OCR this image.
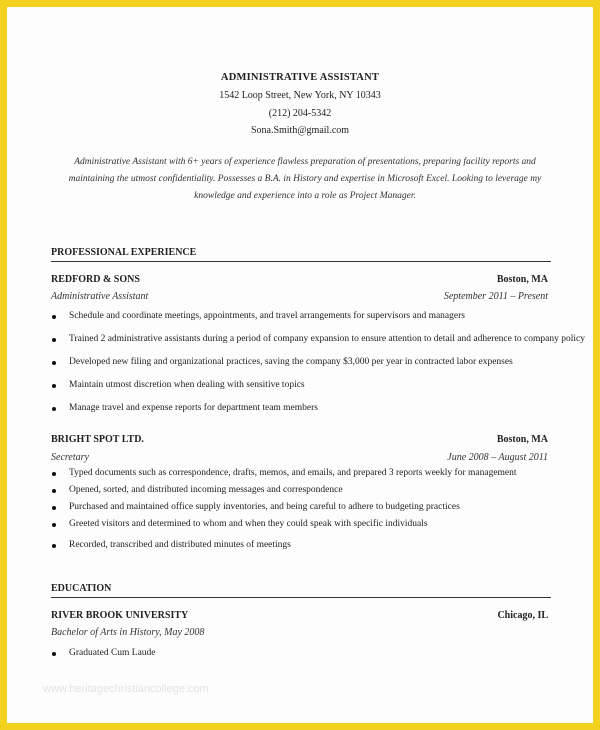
ADMINISTRATIVE ASSISTANT
1542 Loop Street, New York, NY 10343
(212) 204-5342
Sona.Smith@gmail.com
Administrative Assistant with 6+ years of experience flawless preparation of presentations, preparing facility reports and maintaining the utmost confidentiality. Possesses a B.A. in History and expertise in Microsoft Excel. Looking to leverage my knowledge and experience into a role as Project Manager.
PROFESSIONAL EXPERIENCE
REDFORD & SONS	Boston, MA
Administrative Assistant	September 2011 – Present
Schedule and coordinate meetings, appointments, and travel arrangements for supervisors and managers
Trained 2 administrative assistants during a period of company expansion to ensure attention to detail and adherence to company policy
Developed new filing and organizational practices, saving the company $3,000 per year in contracted labor expenses
Maintain utmost discretion when dealing with sensitive topics
Manage travel and expense reports for department team members
BRIGHT SPOT LTD.	Boston, MA
Secretary	June 2008 – August 2011
Typed documents such as correspondence, drafts, memos, and emails, and prepared 3 reports weekly for management
Opened, sorted, and distributed incoming messages and correspondence
Purchased and maintained office supply inventories, and being careful to adhere to budgeting practices
Greeted visitors and determined to whom and when they could speak with specific individuals
Recorded, transcribed and distributed minutes of meetings
EDUCATION
RIVER BROOK UNIVERSITY	Chicago, IL
Bachelor of Arts in History, May 2008
Graduated Cum Laude
www.heritagechristiancollege.com
